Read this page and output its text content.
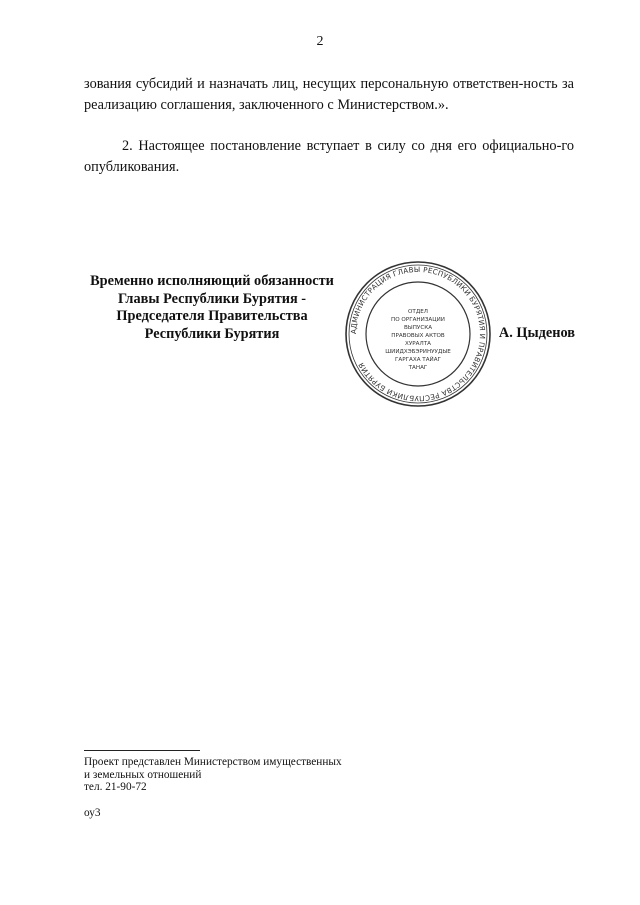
2

зования субсидий и назначать лиц, несущих персональную ответствен-ность за реализацию соглашения, заключенного с Министерством.».

2. Настоящее постановление вступает в силу со дня его официально-го опубликования.

Временно исполняющий обязанности
Главы Республики Бурятия -
Председателя Правительства
Республики Бурятия	АДМИНИСТРАЦИЯ ГЛАВЫ РЕСПУБЛИКИ БУРЯТИЯ И ПРАВИТЕЛЬСТВА РЕСПУБЛИКИ БУРЯТИЯ
ОТДЕЛ
ПО ОРГАНИЗАЦИИ
ВЫПУСКА
ПРАВОВЫХ АКТОВ
ХУРАЛТА
ШИИДХЭБЭРИНУУДЫЕ
ГАРГАХА ТАЙАГ
ТАНАГ
А. Цыденов
Проект представлен Министерством имущественных
и земельных отношений
тел. 21-90-72
оу3
